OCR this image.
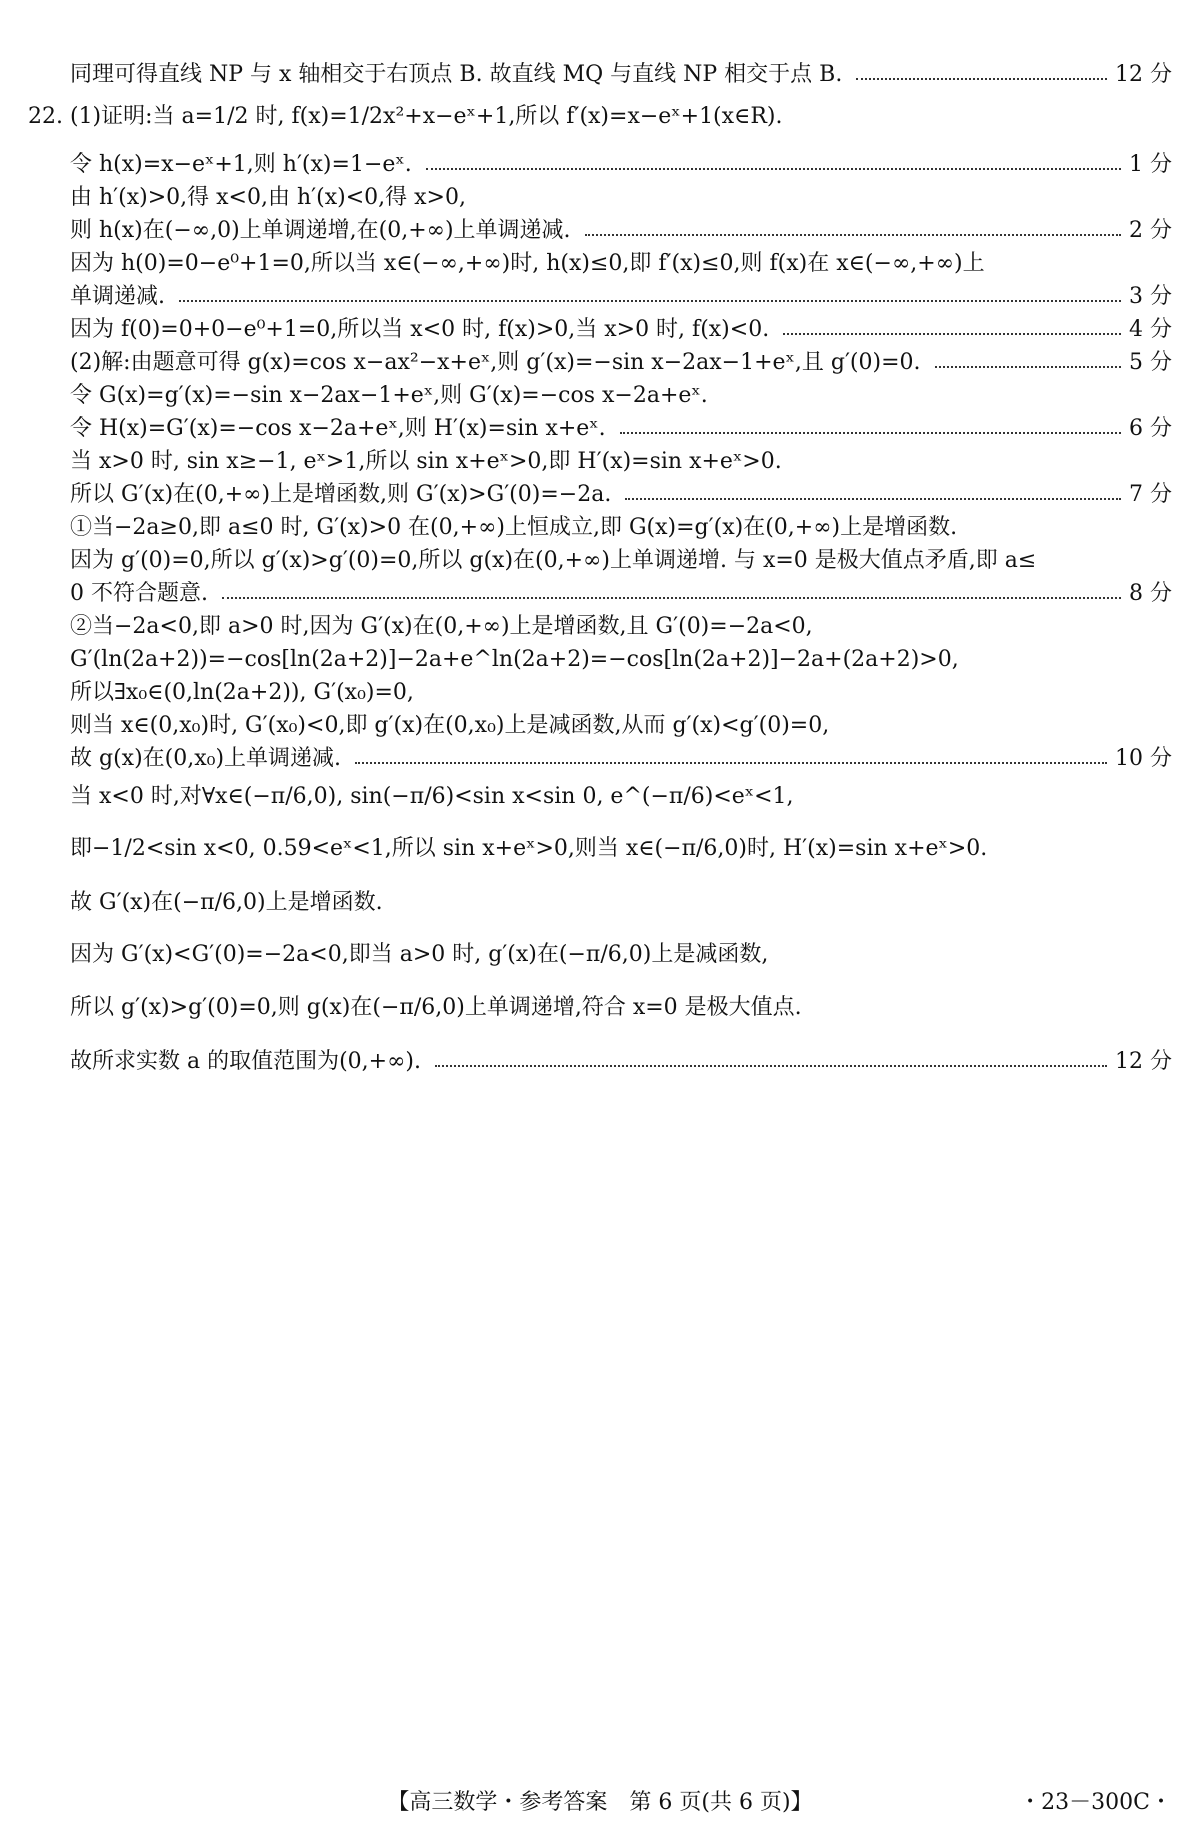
同理可得直线 NP 与 x 轴相交于右顶点 B. 故直线 MQ 与直线 NP 相交于点 B.	12 分
22. (1)证明:当 a=1/2 时, f(x)=1/2x²+x−eˣ+1,所以 f′(x)=x−eˣ+1(x∈R).
令 h(x)=x−eˣ+1,则 h′(x)=1−eˣ.	1 分
由 h′(x)>0,得 x<0,由 h′(x)<0,得 x>0,
则 h(x)在(−∞,0)上单调递增,在(0,+∞)上单调递减.	2 分
因为 h(0)=0−e⁰+1=0,所以当 x∈(−∞,+∞)时, h(x)≤0,即 f′(x)≤0,则 f(x)在 x∈(−∞,+∞)上
单调递减.	3 分
因为 f(0)=0+0−e⁰+1=0,所以当 x<0 时, f(x)>0,当 x>0 时, f(x)<0.	4 分
(2)解:由题意可得 g(x)=cos x−ax²−x+eˣ,则 g′(x)=−sin x−2ax−1+eˣ,且 g′(0)=0.	5 分
令 G(x)=g′(x)=−sin x−2ax−1+eˣ,则 G′(x)=−cos x−2a+eˣ.
令 H(x)=G′(x)=−cos x−2a+eˣ,则 H′(x)=sin x+eˣ.	6 分
当 x>0 时, sin x≥−1, eˣ>1,所以 sin x+eˣ>0,即 H′(x)=sin x+eˣ>0.
所以 G′(x)在(0,+∞)上是增函数,则 G′(x)>G′(0)=−2a.	7 分
①当−2a≥0,即 a≤0 时, G′(x)>0 在(0,+∞)上恒成立,即 G(x)=g′(x)在(0,+∞)上是增函数.
因为 g′(0)=0,所以 g′(x)>g′(0)=0,所以 g(x)在(0,+∞)上单调递增. 与 x=0 是极大值点矛盾,即 a≤
0 不符合题意.	8 分
②当−2a<0,即 a>0 时,因为 G′(x)在(0,+∞)上是增函数,且 G′(0)=−2a<0,
G′(ln(2a+2))=−cos[ln(2a+2)]−2a+e^ln(2a+2)=−cos[ln(2a+2)]−2a+(2a+2)>0,
所以∃x₀∈(0,ln(2a+2)), G′(x₀)=0,
则当 x∈(0,x₀)时, G′(x₀)<0,即 g′(x)在(0,x₀)上是减函数,从而 g′(x)<g′(0)=0,
故 g(x)在(0,x₀)上单调递减.	10 分
当 x<0 时,对∀x∈(−π/6,0), sin(−π/6)<sin x<sin 0, e^(−π/6)<eˣ<1,
即−1/2<sin x<0, 0.59<eˣ<1,所以 sin x+eˣ>0,则当 x∈(−π/6,0)时, H′(x)=sin x+eˣ>0.
故 G′(x)在(−π/6,0)上是增函数.
因为 G′(x)<G′(0)=−2a<0,即当 a>0 时, g′(x)在(−π/6,0)上是减函数,
所以 g′(x)>g′(0)=0,则 g(x)在(−π/6,0)上单调递增,符合 x=0 是极大值点.
故所求实数 a 的取值范围为(0,+∞).	12 分
【高三数学・参考答案　第 6 页(共 6 页)】	・23－300C・
